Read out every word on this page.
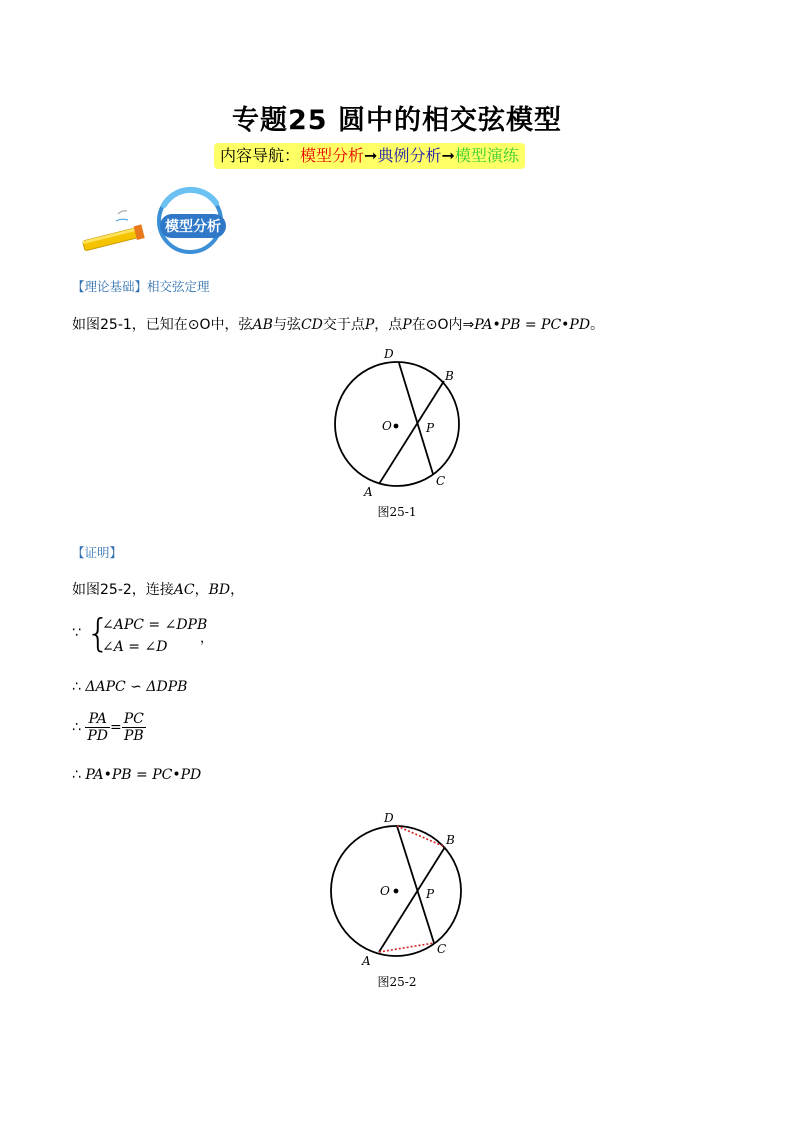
专题25 圆中的相交弦模型
内容导航：模型分析➞典例分析➞模型演练
模型分析
【理论基础】相交弦定理
如图25-1，已知在⊙O中，弦AB与弦CD交于点P，点P在⊙O内⇒PA•PB = PC•PD。
D
B
O	P
A
C
图25-1
【证明】
如图25-2，连接AC，BD，
∵ {
∠APC = ∠DPB
∠A = ∠D
，
∴ ΔAPC ∽ ΔDPB
∴ $\frac{PA}{PD} = \frac{PC}{PB}$
∴ PA•PB = PC•PD
D
B
O	P
A
C
图25-2
